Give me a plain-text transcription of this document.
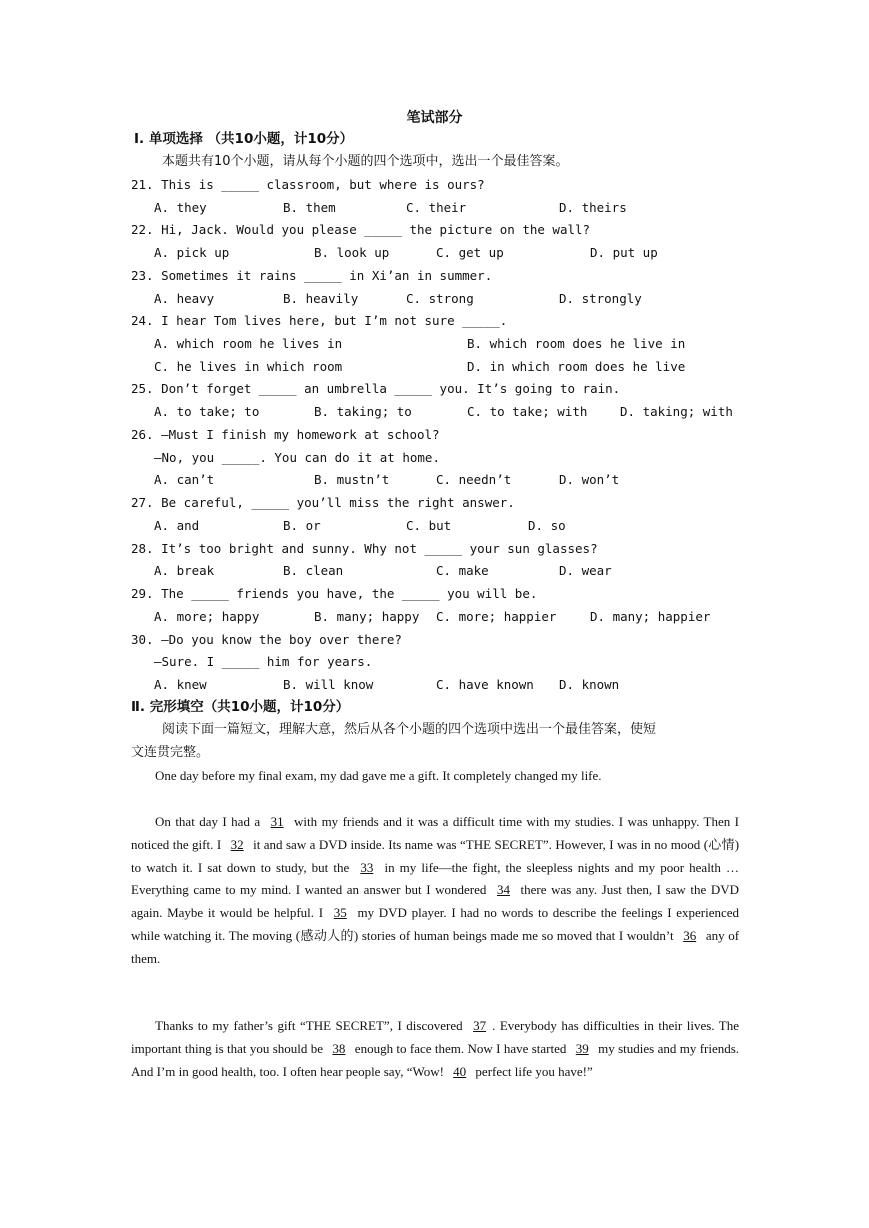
笔试部分
Ⅰ. 单项选择 （共10小题，计10分）
本题共有10个小题，请从每个小题的四个选项中，选出一个最佳答案。
21. This is _____ classroom, but where is ours?
A. they	B. them	C. their	D. theirs
22. Hi, Jack. Would you please _____ the picture on the wall?
A. pick up	B. look up	C. get up	D. put up
23. Sometimes it rains _____ in Xi’an in summer.
A. heavy	B. heavily	C. strong	D. strongly
24. I hear Tom lives here, but I’m not sure _____.
A. which room he lives in	B. which room does he live in
C. he lives in which room	D. in which room does he live
25. Don’t forget _____ an umbrella _____ you. It’s going to rain.
A. to take; to	B. taking; to	C. to take; with	D. taking; with
26. —Must I finish my homework at school?
—No, you _____. You can do it at home.
A. can’t	B. mustn’t	C. needn’t	D. won’t
27. Be careful, _____ you’ll miss the right answer.
A. and	B. or	C. but	D. so
28. It’s too bright and sunny. Why not _____ your sun glasses?
A. break	B. clean	C. make	D. wear
29. The _____ friends you have, the _____ you will be.
A. more; happy	B. many; happy C. more; happier	D. many; happier
30. —Do you know the boy over there?
—Sure. I _____ him for years.
A. knew	B. will know	C. have known D. known
Ⅱ. 完形填空（共10小题，计10分）
阅读下面一篇短文，理解大意，然后从各个小题的四个选项中选出一个最佳答案，使短
文连贯完整。
One day before my final exam, my dad gave me a gift. It completely changed my life.
On that day I had a 31 with my friends and it was a difficult time with my studies. I was unhappy. Then I noticed the gift. I 32 it and saw a DVD inside. Its name was “THE SECRET”. However, I was in no mood (心情) to watch it. I sat down to study, but the 33 in my life—the fight, the sleepless nights and my poor health … Everything came to my mind. I wanted an answer but I wondered 34 there was any. Just then, I saw the DVD again. Maybe it would be helpful. I 35 my DVD player. I had no words to describe the feelings I experienced while watching it. The moving (感动人的) stories of human beings made me so moved that I wouldn’t 36 any of them.
Thanks to my father’s gift “THE SECRET”, I discovered 37 . Everybody has difficulties in their lives. The important thing is that you should be 38 enough to face them. Now I have started 39 my studies and my friends. And I’m in good health, too. I often hear people say, “Wow! 40 perfect life you have!”
